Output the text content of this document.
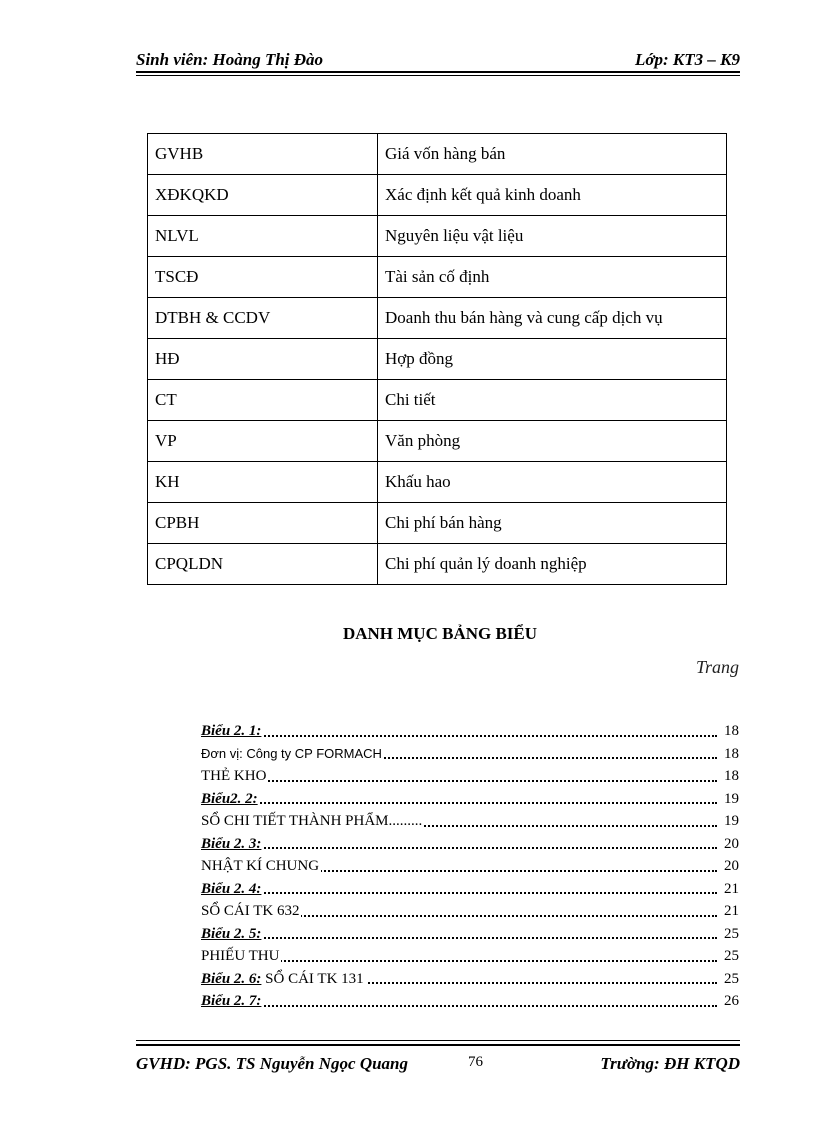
Sinh viên: Hoàng Thị Đào	Lớp: KT3 – K9
GVHB	Giá vốn hàng bán
XĐKQKD	Xác định kết quả kinh doanh
NLVL	Nguyên liệu vật liệu
TSCĐ	Tài sản cố định
DTBH & CCDV	Doanh thu bán hàng và cung cấp dịch vụ
HĐ	Hợp đồng
CT	Chi tiết
VP	Văn phòng
KH	Khấu hao
CPBH	Chi phí bán hàng
CPQLDN	Chi phí quản lý doanh nghiệp
DANH MỤC BẢNG BIỂU
Trang
Biểu 2. 1:	18
Đơn vị: Công ty CP FORMACH	18
THẺ KHO	18
Biểu2. 2:	19
SỔ CHI TIẾT THÀNH PHẨM.........	19
Biểu 2. 3:	20
NHẬT KÍ CHUNG	20
Biểu 2. 4:	21
SỔ CÁI TK 632	21
Biểu 2. 5:	25
PHIẾU THU	25
Biểu 2. 6: SỔ CÁI TK 131	25
Biểu 2. 7:	26
GVHD: PGS. TS Nguyễn Ngọc Quang	76	Trường: ĐH KTQD
